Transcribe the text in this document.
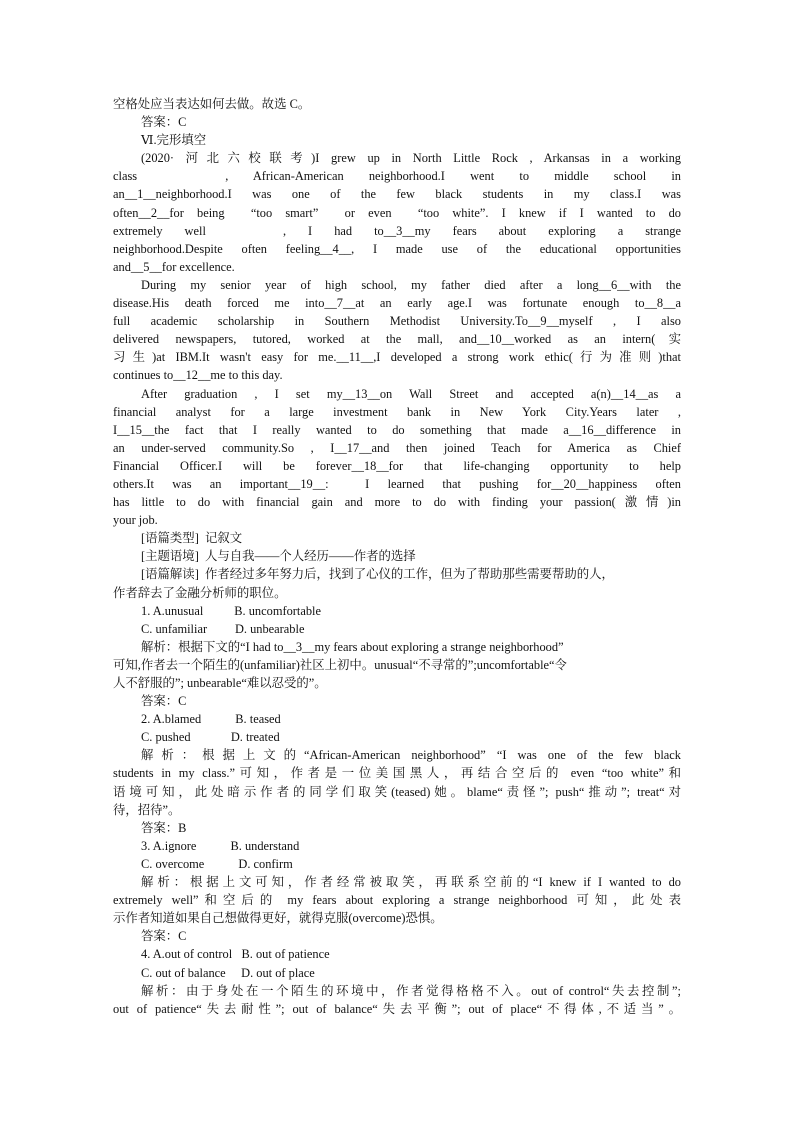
空格处应当表达如何去做。故选 C。
答案：C
Ⅵ.完形填空
(2020· 河北六校联考)I grew up in North Little Rock , Arkansas in a working
class       ,  African-American  neighborhood.I  went  to  middle  school  in
an__1__neighborhood.I  was  one  of  the  few  black  students  in  my  class.I  was
often__2__for being  “too smart”  or even  “too white”. I knew if I wanted to do
extremely  well       ,  I  had  to__3__my  fears  about  exploring  a  strange
neighborhood.Despite often feeling__4__, I made use of the educational opportunities
and__5__for excellence.
During my senior year of high school, my father died after a long__6__with the
disease.His death forced me into__7__at an early age.I was fortunate enough to__8__a
full academic scholarship in Southern Methodist University.To__9__myself , I also
delivered newspapers, tutored, worked at the mall, and__10__worked as an intern(实
习生)at IBM.It wasn't easy for me.__11__,I developed a strong work ethic(行为准则)that
continues to__12__me to this day.
After graduation , I set my__13__on Wall Street and accepted a(n)__14__as a
financial  analyst  for  a  large  investment  bank  in  New  York  City.Years  later  ,
I__15__the fact that I really wanted to do something that made a__16__difference in
an under-served community.So , I__17__and then joined Teach for America as Chief
Financial Officer.I will be forever__18__for that life-changing opportunity to help
others.It was an important__19__:  I learned that pushing for__20__happiness often
has little to do with financial gain and more to do with finding your passion(激情)in
your job.
[语篇类型]  记叙文
[主题语境]  人与自我——个人经历——作者的选择
[语篇解读]  作者经过多年努力后，找到了心仪的工作，但为了帮助那些需要帮助的人，
作者辞去了金融分析师的职位。
1. A.unusual          B. uncomfortable
C. unfamiliar         D. unbearable
解析：根据下文的“I had to__3__my fears about exploring a strange neighborhood”
可知,作者去一个陌生的(unfamiliar)社区上初中。unusual“不寻常的”;uncomfortable“令
人不舒服的”; unbearable“难以忍受的”。
答案：C
2. A.blamed           B. teased
C. pushed             D. treated
解析：根据上文的“African-American neighborhood” “I was one of the few black
students in my class.”可知，作者是一位美国黑人，再结合空后的 even “too white”和
语境可知，此处暗示作者的同学们取笑(teased)她。blame“责怪”; push“推动”; treat“对
待，招待”。
答案：B
3. A.ignore           B. understand
C. overcome           D. confirm
解析：根据上文可知，作者经常被取笑，再联系空前的“I knew if I wanted to do
extremely well”和空后的 my fears about exploring a strange neighborhood 可知，此处表
示作者知道如果自己想做得更好，就得克服(overcome)恐惧。
答案：C
4. A.out of control   B. out of patience
C. out of balance     D. out of place
解析：由于身处在一个陌生的环境中，作者觉得格格不入。out of control“失去控制”;
out of patience“失去耐性”; out of balance“失去平衡”; out of place“不得体,不适当”。
